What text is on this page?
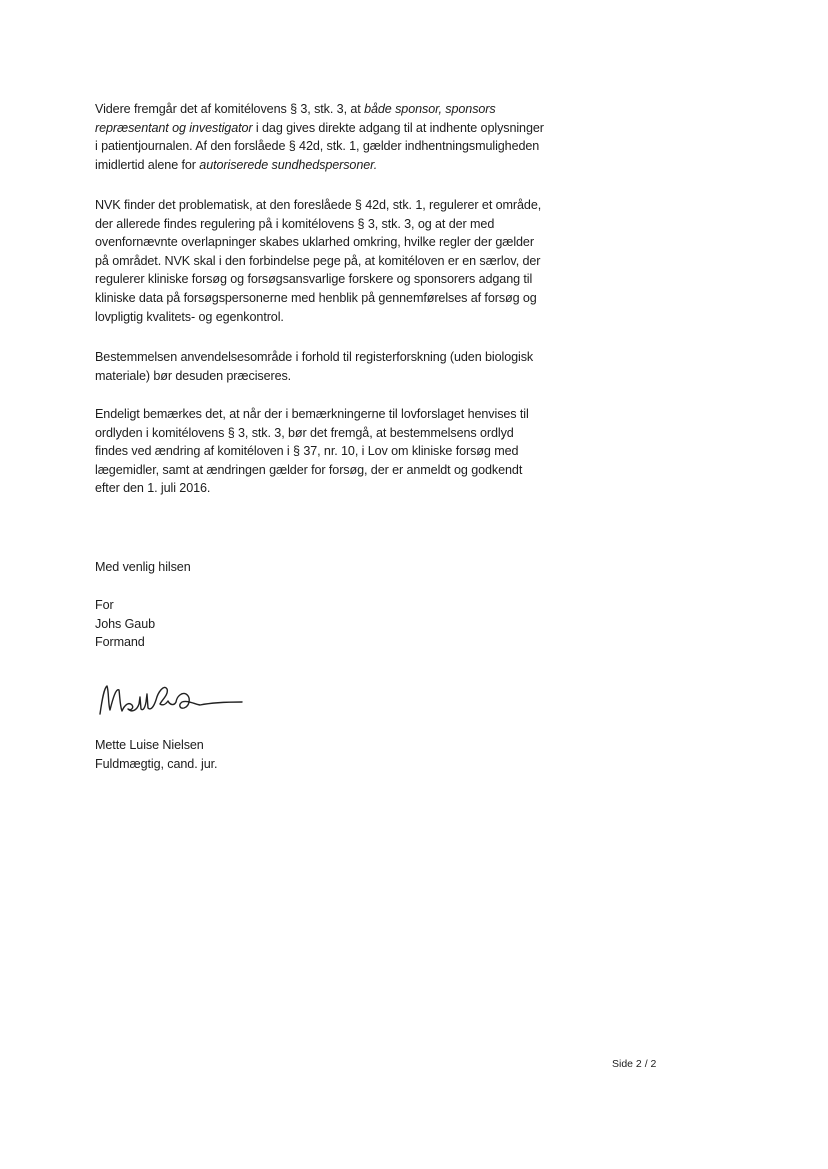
Videre fremgår det af komitélovens § 3, stk. 3, at både sponsor, sponsors
repræsentant og investigator i dag gives direkte adgang til at indhente oplysninger
i patientjournalen. Af den forslåede § 42d, stk. 1, gælder indhentningsmuligheden
imidlertid alene for autoriserede sundhedspersoner.

NVK finder det problematisk, at den foreslåede § 42d, stk. 1, regulerer et område,
der allerede findes regulering på i komitélovens § 3, stk. 3, og at der med
ovenfornævnte overlapninger skabes uklarhed omkring, hvilke regler der gælder
på området. NVK skal i den forbindelse pege på, at komitéloven er en særlov, der
regulerer kliniske forsøg og forsøgsansvarlige forskere og sponsorers adgang til
kliniske data på forsøgspersonerne med henblik på gennemførelses af forsøg og
lovpligtig kvalitets- og egenkontrol.

Bestemmelsen anvendelsesområde i forhold til registerforskning (uden biologisk
materiale) bør desuden præciseres.

Endeligt bemærkes det, at når der i bemærkningerne til lovforslaget henvises til
ordlyden i komitélovens § 3, stk. 3, bør det fremgå, at bestemmelsens ordlyd
findes ved ændring af komitéloven i § 37, nr. 10, i Lov om kliniske forsøg med
lægemidler, samt at ændringen gælder for forsøg, der er anmeldt og godkendt
efter den 1. juli 2016.

Med venlig hilsen

For
Johs Gaub
Formand

Mette Luise Nielsen
Fuldmægtig, cand. jur.

Side 2 / 2
